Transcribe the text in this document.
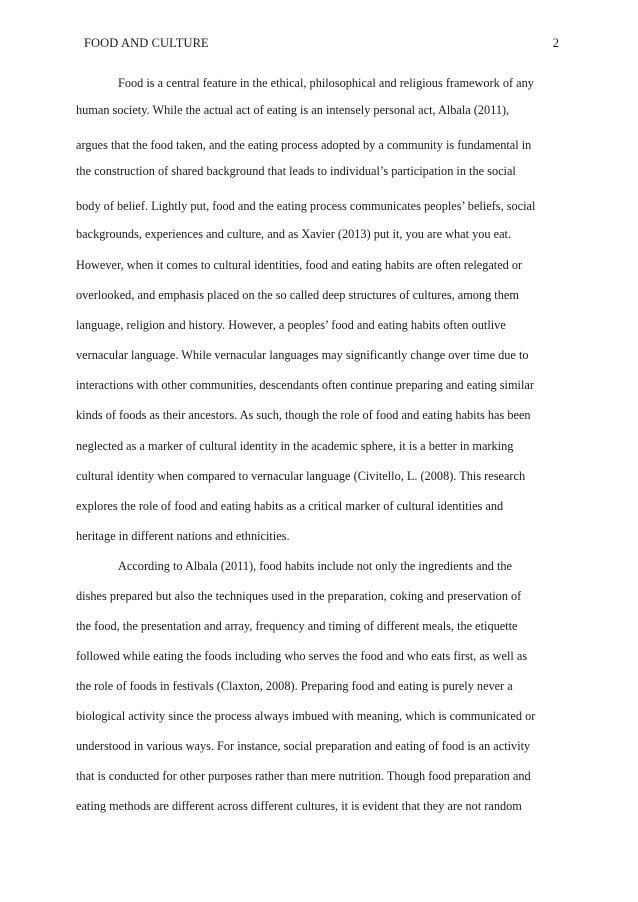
FOOD AND CULTURE	2
Food is a central feature in the ethical, philosophical and religious framework of any
human society. While the actual act of eating is an intensely personal act, Albala (2011),
argues that the food taken, and the eating process adopted by a community is fundamental in
the construction of shared background that leads to individual’s participation in the social
body of belief. Lightly put, food and the eating process communicates peoples’ beliefs, social
backgrounds, experiences and culture, and as Xavier (2013) put it, you are what you eat.
However, when it comes to cultural identities, food and eating habits are often relegated or
overlooked, and emphasis placed on the so called deep structures of cultures, among them
language, religion and history. However, a peoples’ food and eating habits often outlive
vernacular language. While vernacular languages may significantly change over time due to
interactions with other communities, descendants often continue preparing and eating similar
kinds of foods as their ancestors. As such, though the role of food and eating habits has been
neglected as a marker of cultural identity in the academic sphere, it is a better in marking
cultural identity when compared to vernacular language (Civitello, L. (2008). This research
explores the role of food and eating habits as a critical marker of cultural identities and
heritage in different nations and ethnicities.
According to Albala (2011), food habits include not only the ingredients and the
dishes prepared but also the techniques used in the preparation, coking and preservation of
the food, the presentation and array, frequency and timing of different meals, the etiquette
followed while eating the foods including who serves the food and who eats first, as well as
the role of foods in festivals (Claxton, 2008). Preparing food and eating is purely never a
biological activity since the process always imbued with meaning, which is communicated or
understood in various ways. For instance, social preparation and eating of food is an activity
that is conducted for other purposes rather than mere nutrition. Though food preparation and
eating methods are different across different cultures, it is evident that they are not random
